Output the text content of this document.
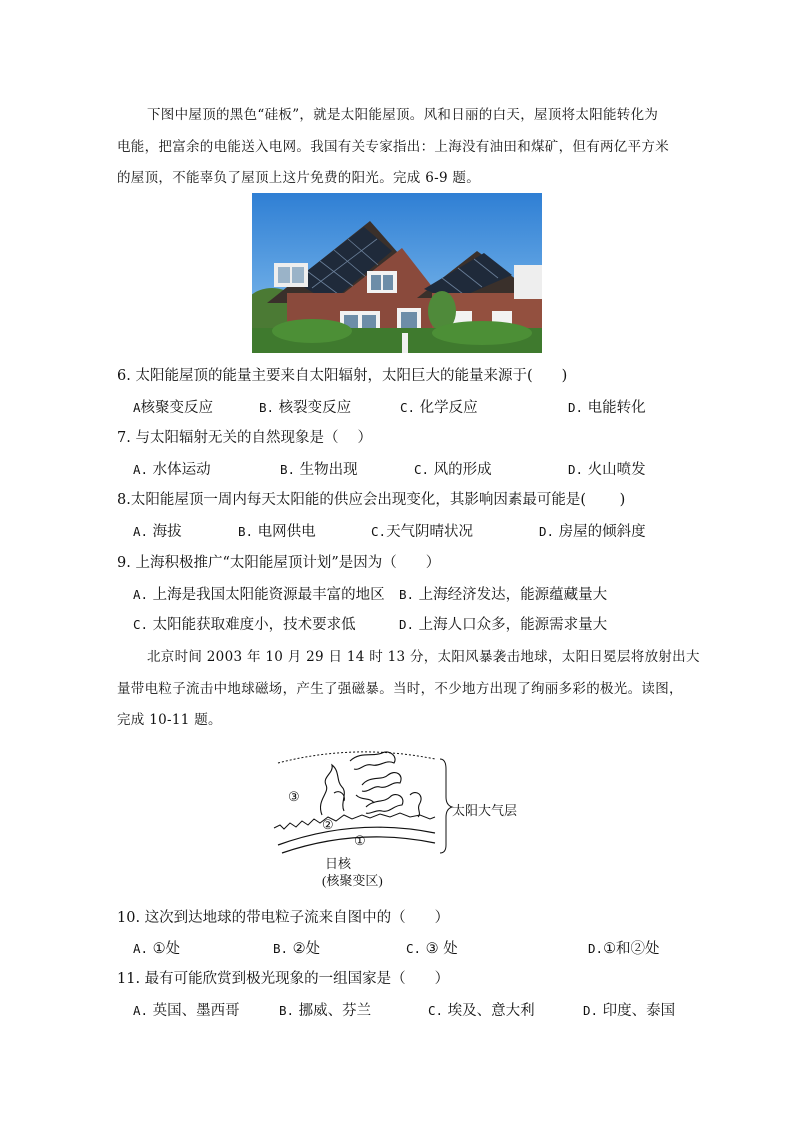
下图中屋顶的黑色“硅板”，就是太阳能屋顶。风和日丽的白天，屋顶将太阳能转化为
电能，把富余的电能送入电网。我国有关专家指出：上海没有油田和煤矿，但有两亿平方米
的屋顶，不能辜负了屋顶上这片免费的阳光。完成 6-9 题。
6. 太阳能屋顶的能量主要来自太阳辐射，太阳巨大的能量来源于(　　)
A核聚变反应	B. 核裂变反应	C. 化学反应	D. 电能转化
7. 与太阳辐射无关的自然现象是（　 ）
A. 水体运动	B. 生物出现	C. 风的形成	D. 火山喷发
8.太阳能屋顶一周内每天太阳能的供应会出现变化，其影响因素最可能是(　　 )
A. 海拔	B. 电网供电	C.天气阴晴状况	D. 房屋的倾斜度
9. 上海积极推广“太阳能屋顶计划”是因为（　　）
A. 上海是我国太阳能资源最丰富的地区 B. 上海经济发达，能源蕴藏量大
C. 太阳能获取难度小，技术要求低	D. 上海人口众多，能源需求量大
北京时间 2003 年 10 月 29 日 14 时 13 分，太阳风暴袭击地球，太阳日冕层将放射出大
量带电粒子流击中地球磁场，产生了强磁暴。当时，不少地方出现了绚丽多彩的极光。读图，
完成 10-11 题。
③
②
①
太阳大气层
日核
(核聚变区)
10. 这次到达地球的带电粒子流来自图中的（　　）
A. ①处	B. ②处	C. ③ 处	D.①和②处
11. 最有可能欣赏到极光现象的一组国家是（　　）
A. 英国、墨西哥	B. 挪威、芬兰	C. 埃及、意大利	D. 印度、泰国
